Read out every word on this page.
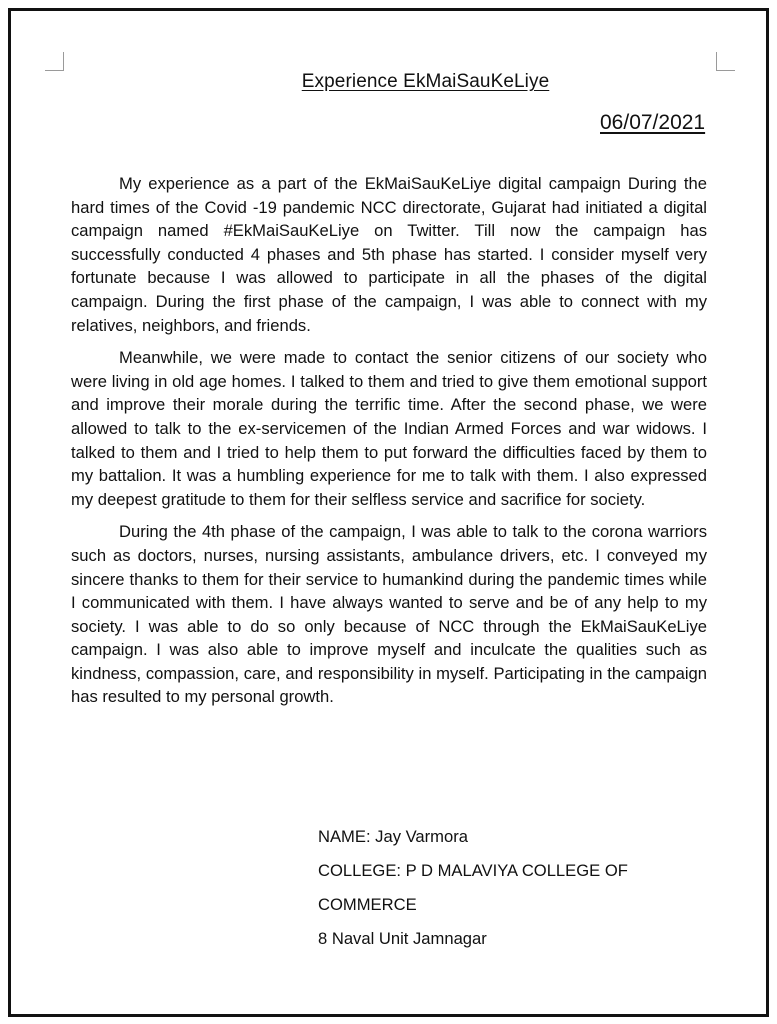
Experience EkMaiSauKeLiye
06/07/2021

My experience as a part of the EkMaiSauKeLiye digital campaign During the hard times of the Covid -19 pandemic NCC directorate, Gujarat had initiated a digital campaign named #EkMaiSauKeLiye on Twitter. Till now the campaign has successfully conducted 4 phases and 5th phase has started. I consider myself very fortunate because I was allowed to participate in all the phases of the digital campaign. During the first phase of the campaign, I was able to connect with my relatives, neighbors, and friends.

Meanwhile, we were made to contact the senior citizens of our society who were living in old age homes. I talked to them and tried to give them emotional support and improve their morale during the terrific time. After the second phase, we were allowed to talk to the ex-servicemen of the Indian Armed Forces and war widows. I talked to them and I tried to help them to put forward the difficulties faced by them to my battalion. It was a humbling experience for me to talk with them. I also expressed my deepest gratitude to them for their selfless service and sacrifice for society.

During the 4th phase of the campaign, I was able to talk to the corona warriors such as doctors, nurses, nursing assistants, ambulance drivers, etc. I conveyed my sincere thanks to them for their service to humankind during the pandemic times while I communicated with them. I have always wanted to serve and be of any help to my society. I was able to do so only because of NCC through the EkMaiSauKeLiye campaign. I was also able to improve myself and inculcate the qualities such as kindness, compassion, care, and responsibility in myself. Participating in the campaign has resulted to my personal growth.

NAME: Jay Varmora
COLLEGE: P D MALAVIYA COLLEGE OF
COMMERCE
8 Naval Unit Jamnagar
